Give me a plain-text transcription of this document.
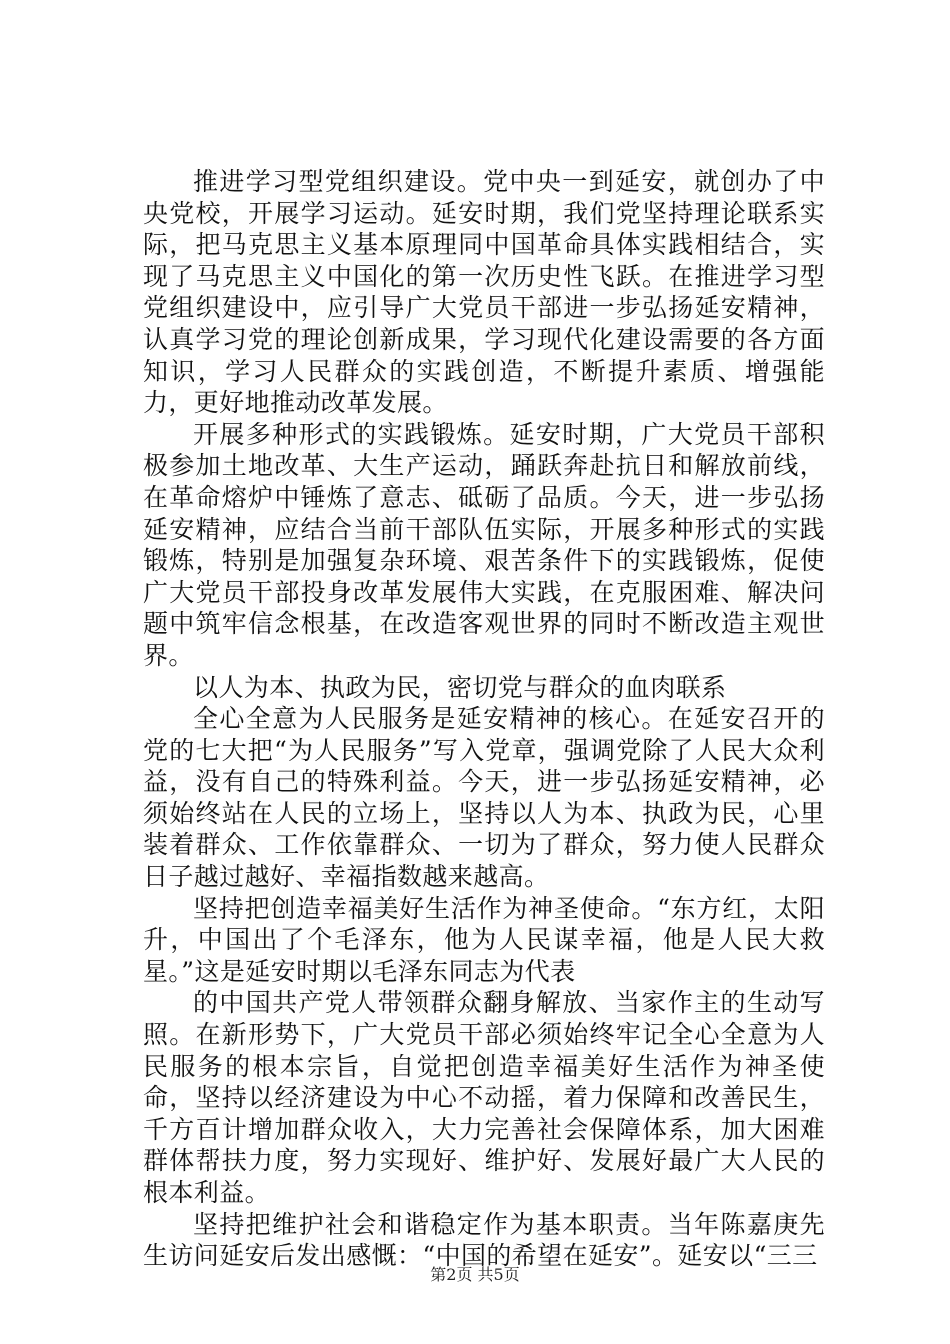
推进学习型党组织建设。党中央一到延安，就创办了中央党校，开展学习运动。延安时期，我们党坚持理论联系实际，把马克思主义基本原理同中国革命具体实践相结合，实现了马克思主义中国化的第一次历史性飞跃。在推进学习型党组织建设中，应引导广大党员干部进一步弘扬延安精神，认真学习党的理论创新成果，学习现代化建设需要的各方面知识，学习人民群众的实践创造，不断提升素质、增强能力，更好地推动改革发展。

开展多种形式的实践锻炼。延安时期，广大党员干部积极参加土地改革、大生产运动，踊跃奔赴抗日和解放前线，在革命熔炉中锤炼了意志、砥砺了品质。今天，进一步弘扬延安精神，应结合当前干部队伍实际，开展多种形式的实践锻炼，特别是加强复杂环境、艰苦条件下的实践锻炼，促使广大党员干部投身改革发展伟大实践，在克服困难、解决问题中筑牢信念根基，在改造客观世界的同时不断改造主观世界。

以人为本、执政为民，密切党与群众的血肉联系

全心全意为人民服务是延安精神的核心。在延安召开的党的七大把“为人民服务”写入党章，强调党除了人民大众利益，没有自己的特殊利益。今天，进一步弘扬延安精神，必须始终站在人民的立场上，坚持以人为本、执政为民，心里装着群众、工作依靠群众、一切为了群众，努力使人民群众日子越过越好、幸福指数越来越高。

坚持把创造幸福美好生活作为神圣使命。“东方红，太阳升，中国出了个毛泽东，他为人民谋幸福，他是人民大救星。”这是延安时期以毛泽东同志为代表

的中国共产党人带领群众翻身解放、当家作主的生动写照。在新形势下，广大党员干部必须始终牢记全心全意为人民服务的根本宗旨，自觉把创造幸福美好生活作为神圣使命，坚持以经济建设为中心不动摇，着力保障和改善民生，千方百计增加群众收入，大力完善社会保障体系，加大困难群体帮扶力度，努力实现好、维护好、发展好最广大人民的根本利益。

坚持把维护社会和谐稳定作为基本职责。当年陈嘉庚先生访问延安后发出感慨：“中国的希望在延安”。延安以“三三

第2页 共5页
